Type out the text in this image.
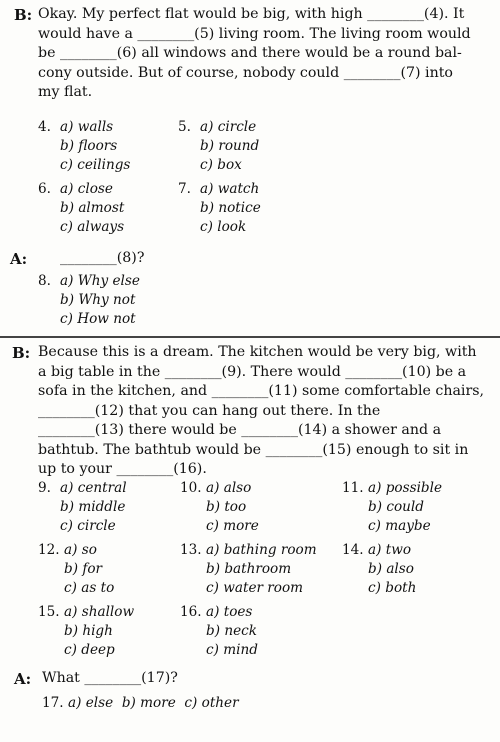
B: Okay. My perfect flat would be big, with high ________(4). It
would have a ________(5) living room. The living room would
be ________(6) all windows and there would be a round bal-
cony outside. But of course, nobody could ________(7) into
my flat.
4. a) walls
b) floors
c) ceilings
5. a) circle
b) round
c) box
6. a) close
b) almost
c) always
7. a) watch
b) notice
c) look
A: ________(8)?
8. a) Why else
b) Why not
c) How not
B: Because this is a dream. The kitchen would be very big, with
a big table in the ________(9). There would ________(10) be a
sofa in the kitchen, and ________(11) some comfortable chairs,
________(12) that you can hang out there. In the
________(13) there would be ________(14) a shower and a
bathtub. The bathtub would be ________(15) enough to sit in
up to your ________(16).
9. a) central
b) middle
c) circle
10. a) also
b) too
c) more
11. a) possible
b) could
c) maybe
12. a) so
b) for
c) as to
13. a) bathing room
b) bathroom
c) water room
14. a) two
b) also
c) both
15. a) shallow
b) high
c) deep
16. a) toes
b) neck
c) mind
A: What ________(17)?
17. a) else b) more c) other
